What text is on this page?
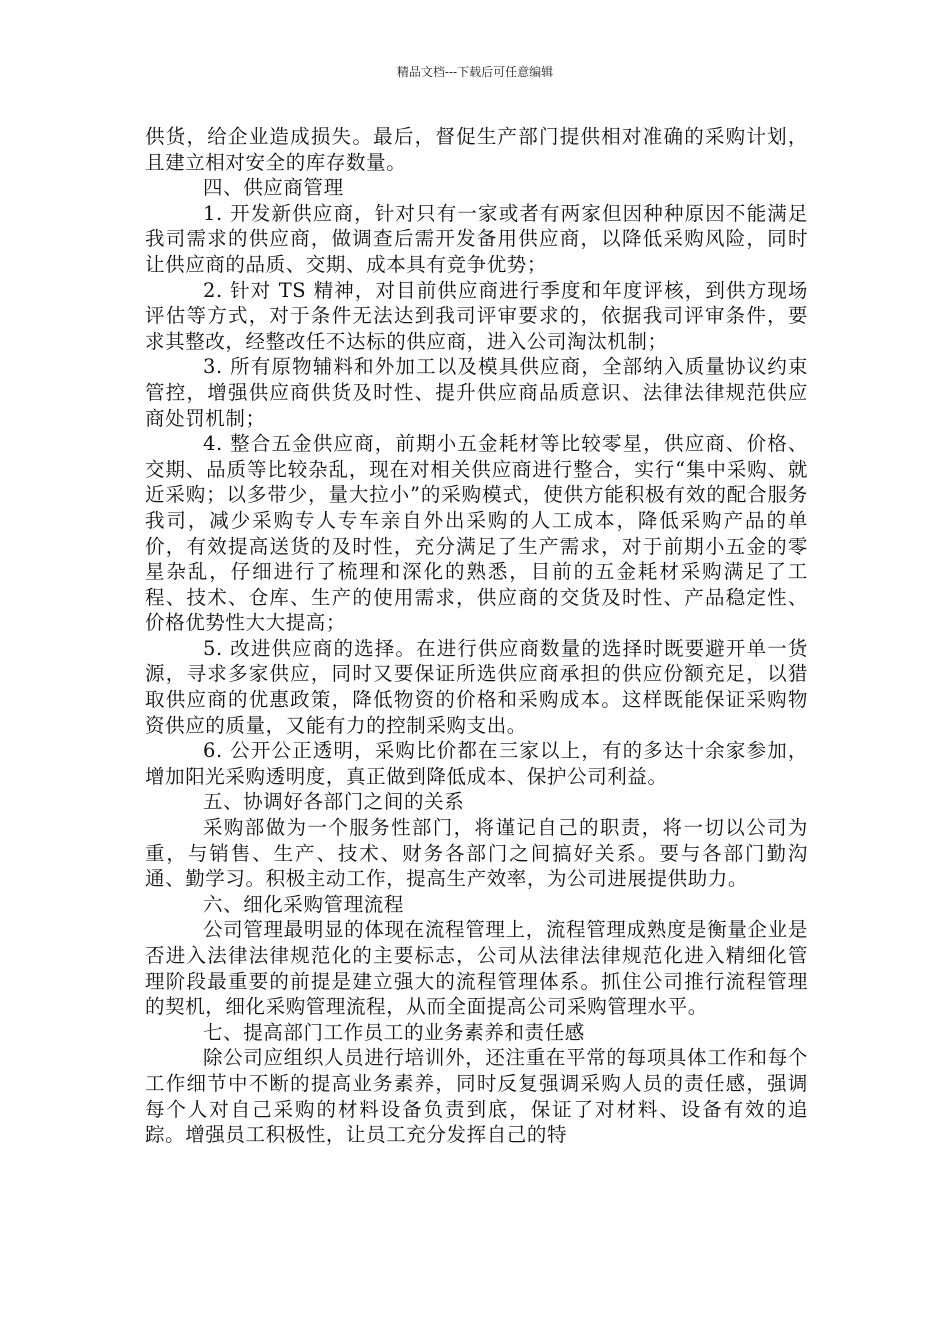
精品文档---下载后可任意编辑

供货，给企业造成损失。最后，督促生产部门提供相对准确的采购计划，且建立相对安全的库存数量。

四、供应商管理

1. 开发新供应商，针对只有一家或者有两家但因种种原因不能满足我司需求的供应商，做调查后需开发备用供应商，以降低采购风险，同时让供应商的品质、交期、成本具有竞争优势；

2. 针对 TS 精神，对目前供应商进行季度和年度评核，到供方现场评估等方式，对于条件无法达到我司评审要求的，依据我司评审条件，要求其整改，经整改任不达标的供应商，进入公司淘汰机制；

3. 所有原物辅料和外加工以及模具供应商，全部纳入质量协议约束管控，增强供应商供货及时性、提升供应商品质意识、法律法律规范供应商处罚机制；

4. 整合五金供应商，前期小五金耗材等比较零星，供应商、价格、交期、品质等比较杂乱，现在对相关供应商进行整合，实行“集中采购、就近采购；以多带少，量大拉小”的采购模式，使供方能积极有效的配合服务我司，减少采购专人专车亲自外出采购的人工成本，降低采购产品的单价，有效提高送货的及时性，充分满足了生产需求，对于前期小五金的零星杂乱，仔细进行了梳理和深化的熟悉，目前的五金耗材采购满足了工程、技术、仓库、生产的使用需求，供应商的交货及时性、产品稳定性、价格优势性大大提高；

5. 改进供应商的选择。在进行供应商数量的选择时既要避开单一货源，寻求多家供应，同时又要保证所选供应商承担的供应份额充足，以猎取供应商的优惠政策，降低物资的价格和采购成本。这样既能保证采购物资供应的质量，又能有力的控制采购支出。

6. 公开公正透明，采购比价都在三家以上，有的多达十余家参加，增加阳光采购透明度，真正做到降低成本、保护公司利益。

五、协调好各部门之间的关系

采购部做为一个服务性部门，将谨记自己的职责，将一切以公司为重，与销售、生产、技术、财务各部门之间搞好关系。要与各部门勤沟通、勤学习。积极主动工作，提高生产效率，为公司进展提供助力。

六、细化采购管理流程

公司管理最明显的体现在流程管理上，流程管理成熟度是衡量企业是否进入法律法律规范化的主要标志，公司从法律法律规范化进入精细化管理阶段最重要的前提是建立强大的流程管理体系。抓住公司推行流程管理的契机，细化采购管理流程，从而全面提高公司采购管理水平。

七、提高部门工作员工的业务素养和责任感

除公司应组织人员进行培训外，还注重在平常的每项具体工作和每个工作细节中不断的提高业务素养，同时反复强调采购人员的责任感，强调每个人对自己采购的材料设备负责到底，保证了对材料、设备有效的追踪。增强员工积极性，让员工充分发挥自己的特
